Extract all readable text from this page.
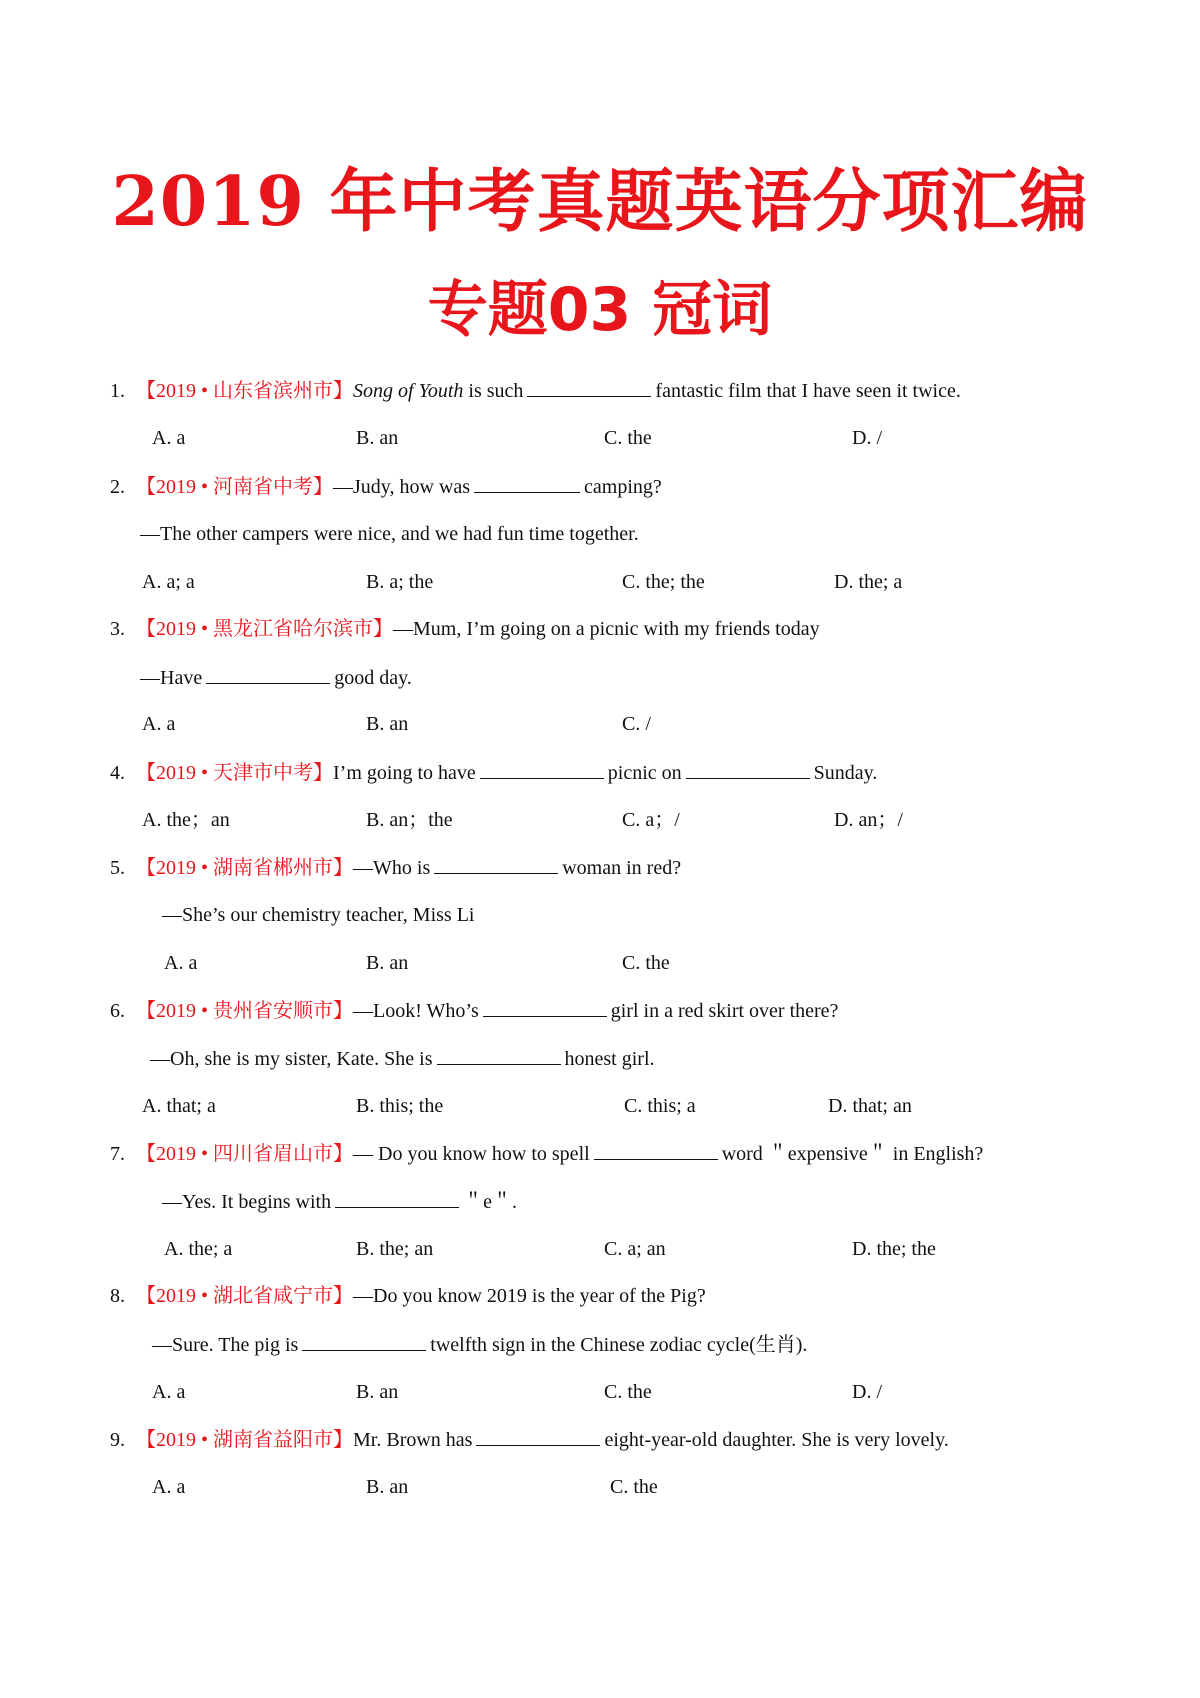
2019 年中考真题英语分项汇编
专题03 冠词
1. 【2019 • 山东省滨州市】Song of Youth is such	fantastic film that I have seen it twice.
A. a	B. an	C. the	D. /
2. 【2019 • 河南省中考】—Judy, how was	camping?
—The other campers were nice, and we had fun time together.
A. a; a	B. a; the	C. the; the	D. the; a
3. 【2019 • 黑龙江省哈尔滨市】—Mum, I’m going on a picnic with my friends today
—Have	good day.
A. a	B. an	C. /
4. 【2019 • 天津市中考】I’m going to have	picnic on	Sunday.
A. the；an	B. an；the	C. a；/	D. an；/
5. 【2019 • 湖南省郴州市】—Who is	woman in red?
—She’s our chemistry teacher, Miss Li
A. a	B. an	C. the
6. 【2019 • 贵州省安顺市】—Look! Who’s	girl in a red skirt over there?
—Oh, she is my sister, Kate. She is	honest girl.
A. that; a	B. this; the	C. this; a	D. that; an
7. 【2019 • 四川省眉山市】— Do you know how to spell	word ＂expensive＂ in English?
—Yes. It begins with	＂e＂.
A. the; a	B. the; an	C. a; an	D. the; the
8. 【2019 • 湖北省咸宁市】—Do you know 2019 is the year of the Pig?
—Sure. The pig is	twelfth sign in the Chinese zodiac cycle(生肖).
A. a	B. an	C. the	D. /
9. 【2019 • 湖南省益阳市】Mr. Brown has	eight-year-old daughter. She is very lovely.
A. a	B. an	C. the
